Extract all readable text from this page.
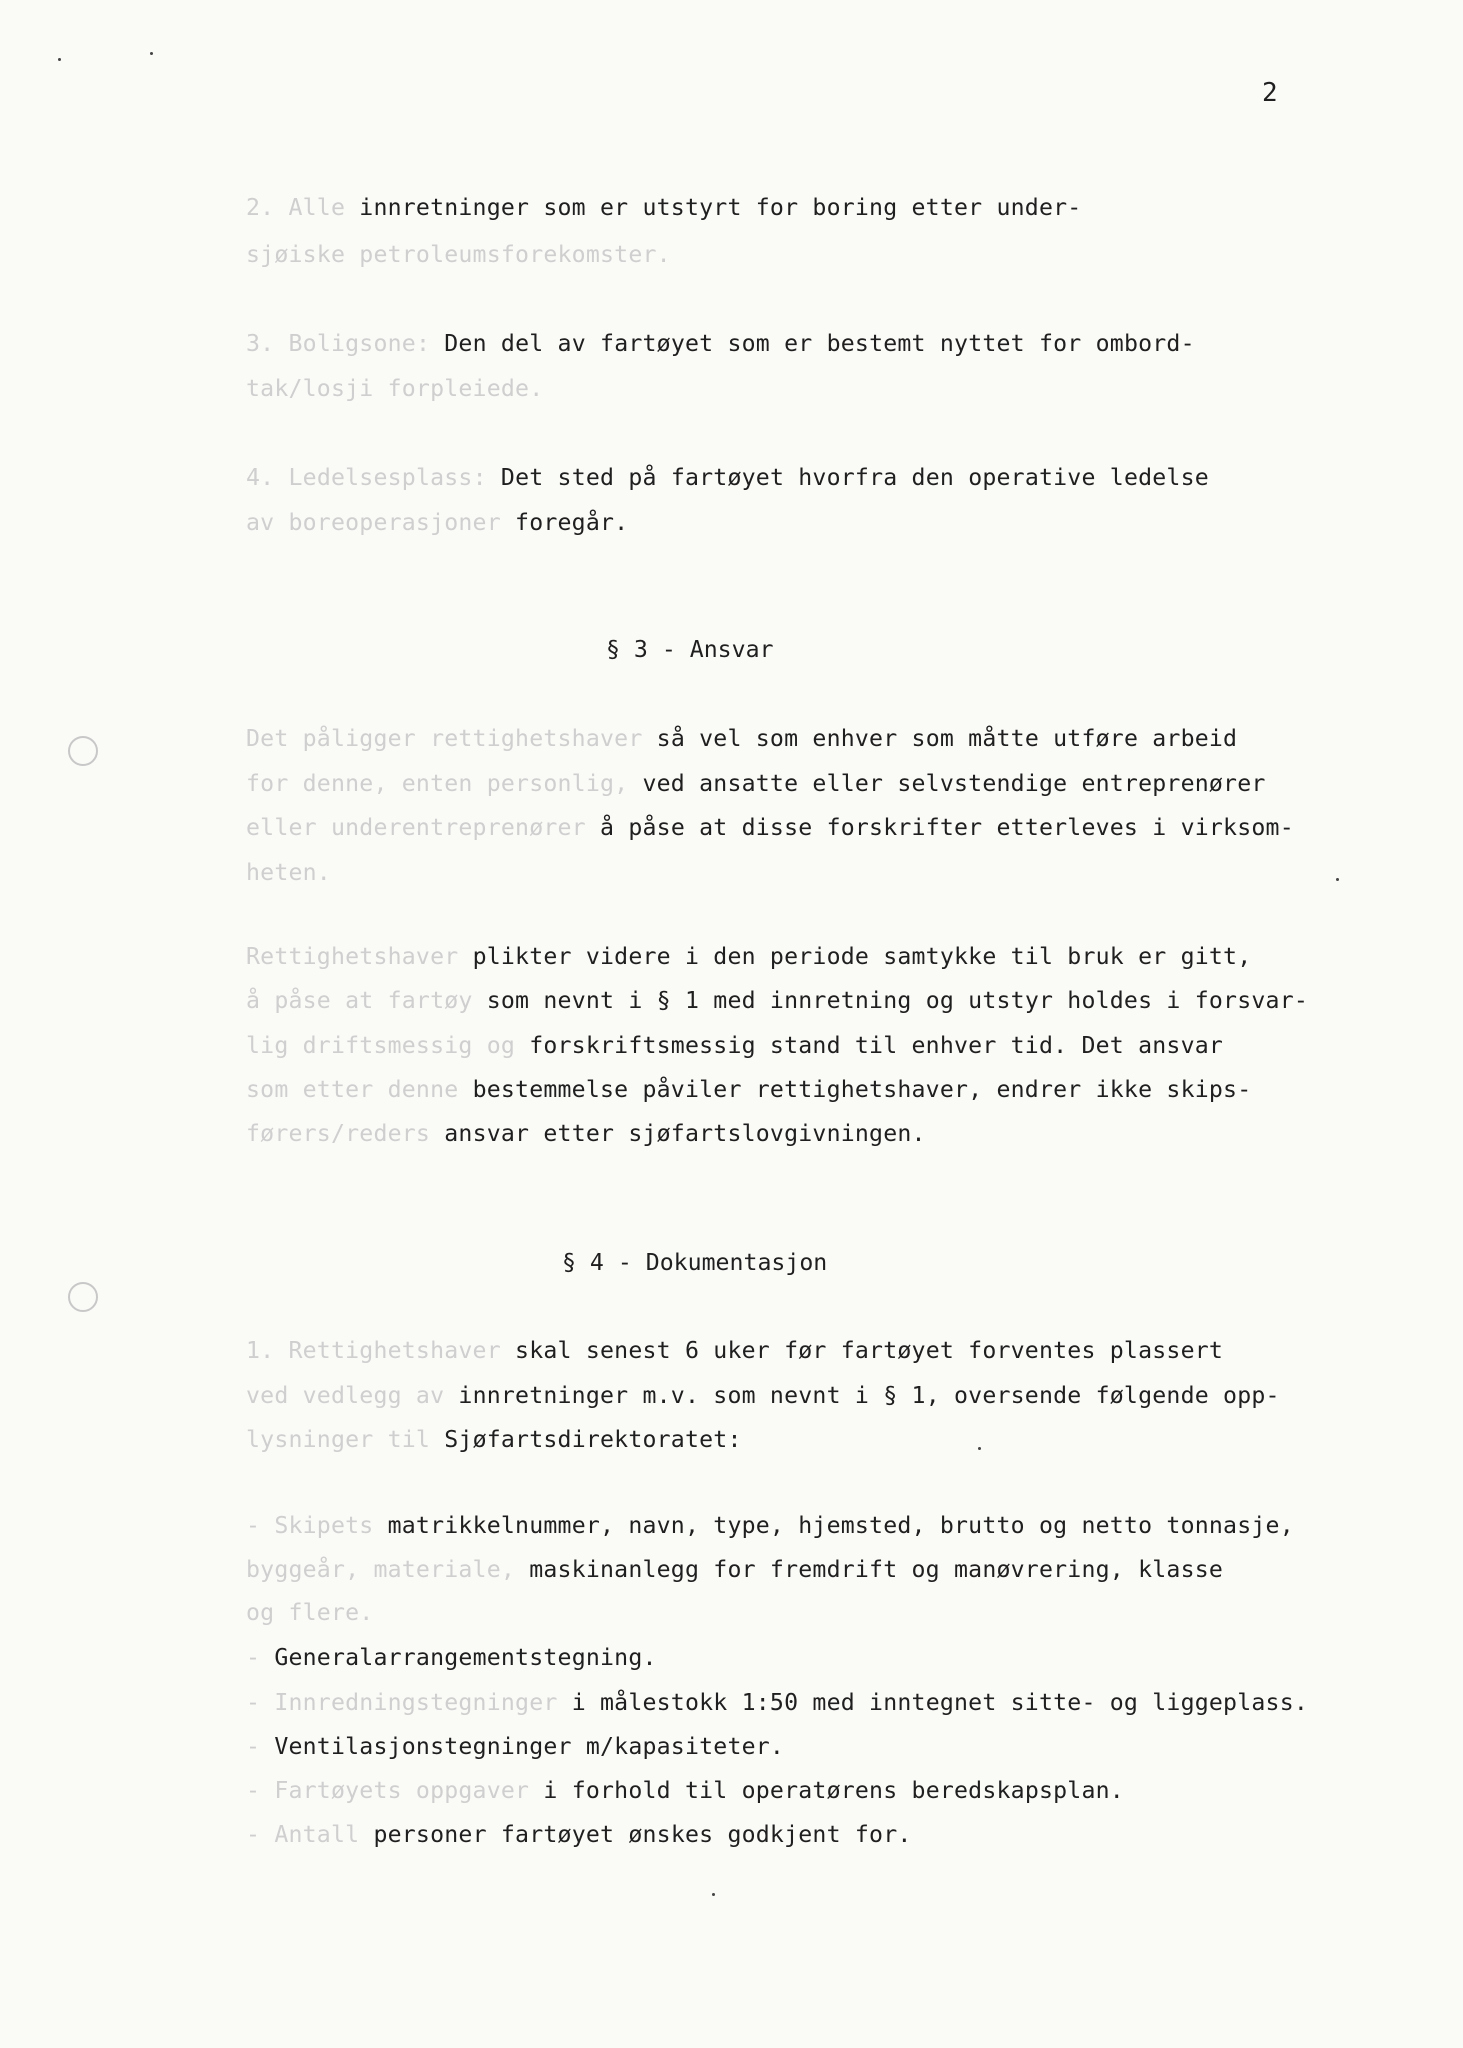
2
2. Alle innretninger som er utstyrt for boring etter under-
sjøiske petroleumsforekomster.
3. Boligsone: Den del av fartøyet som er bestemt nyttet for ombord-
tak/losji forpleiede.
4. Ledelsesplass: Det sted på fartøyet hvorfra den operative ledelse
av boreoperasjoner foregår.
§ 3 - Ansvar
Det påligger rettighetshaver så vel som enhver som måtte utføre arbeid
for denne, enten personlig, ved ansatte eller selvstendige entreprenører
eller underentreprenører å påse at disse forskrifter etterleves i virksom-
heten.
Rettighetshaver plikter videre i den periode samtykke til bruk er gitt,
å påse at fartøy som nevnt i § 1 med innretning og utstyr holdes i forsvar-
lig driftsmessig og forskriftsmessig stand til enhver tid. Det ansvar
som etter denne bestemmelse påviler rettighetshaver, endrer ikke skips-
førers/reders ansvar etter sjøfartslovgivningen.
§ 4 - Dokumentasjon
1. Rettighetshaver skal senest 6 uker før fartøyet forventes plassert
ved vedlegg av innretninger m.v. som nevnt i § 1, oversende følgende opp-
lysninger til Sjøfartsdirektoratet:
- Skipets matrikkelnummer, navn, type, hjemsted, brutto og netto tonnasje,
byggeår, materiale, maskinanlegg for fremdrift og manøvrering, klasse
og flere.
- Generalarrangementstegning.
- Innredningstegninger i målestokk 1:50 med inntegnet sitte- og liggeplass.
- Ventilasjonstegninger m/kapasiteter.
- Fartøyets oppgaver i forhold til operatørens beredskapsplan.
- Antall personer fartøyet ønskes godkjent for.
